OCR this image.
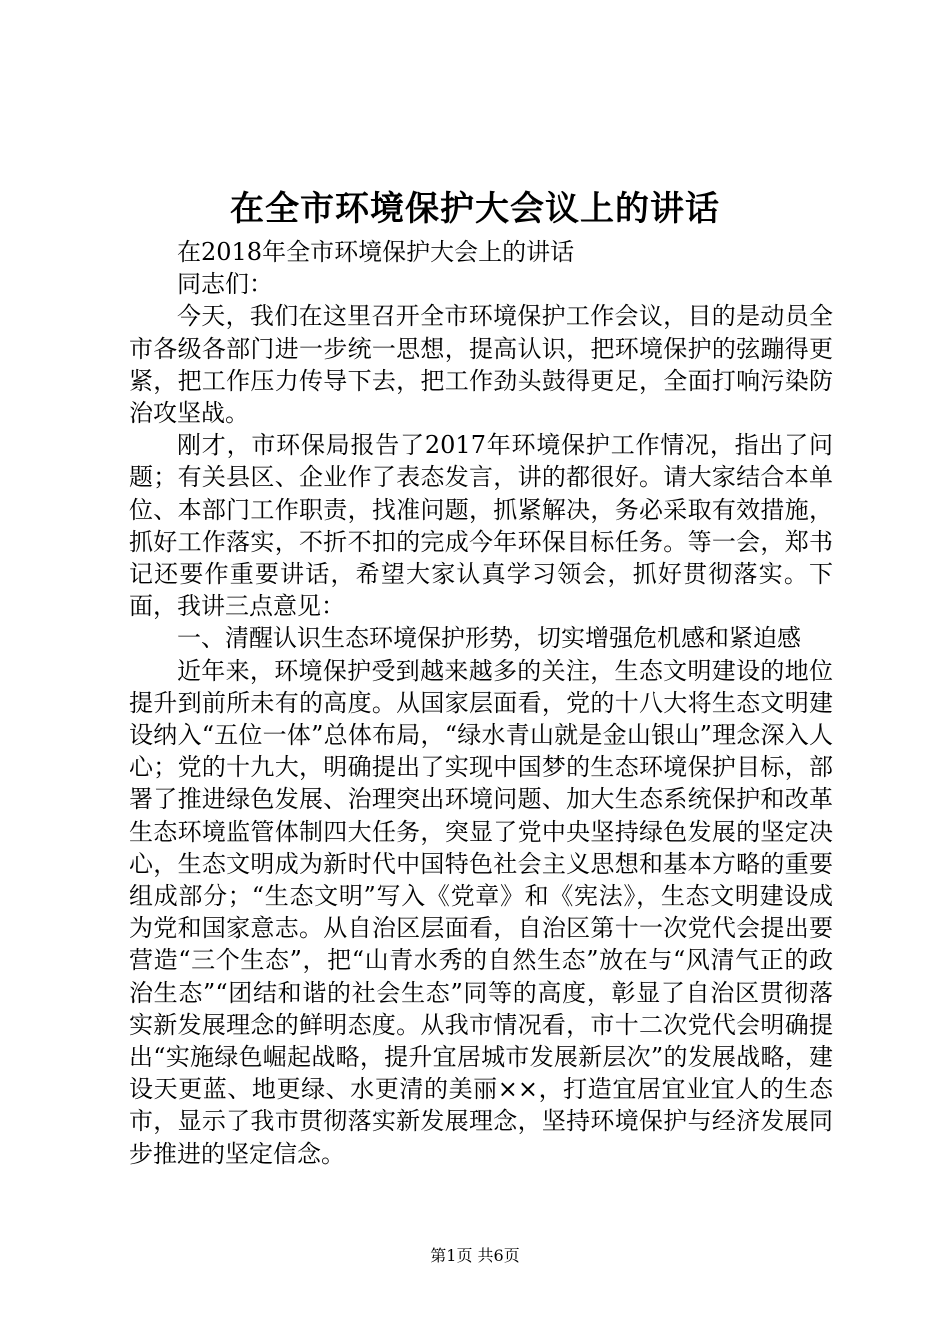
在全市环境保护大会议上的讲话

在2018年全市环境保护大会上的讲话

同志们：

今天，我们在这里召开全市环境保护工作会议，目的是动员全市各级各部门进一步统一思想，提高认识，把环境保护的弦蹦得更紧，把工作压力传导下去，把工作劲头鼓得更足，全面打响污染防治攻坚战。

刚才，市环保局报告了2017年环境保护工作情况，指出了问题；有关县区、企业作了表态发言，讲的都很好。请大家结合本单位、本部门工作职责，找准问题，抓紧解决，务必采取有效措施，抓好工作落实，不折不扣的完成今年环保目标任务。等一会，郑书记还要作重要讲话，希望大家认真学习领会，抓好贯彻落实。下面，我讲三点意见：

一、清醒认识生态环境保护形势，切实增强危机感和紧迫感

近年来，环境保护受到越来越多的关注，生态文明建设的地位提升到前所未有的高度。从国家层面看，党的十八大将生态文明建设纳入“五位一体”总体布局，“绿水青山就是金山银山”理念深入人心；党的十九大，明确提出了实现中国梦的生态环境保护目标，部署了推进绿色发展、治理突出环境问题、加大生态系统保护和改革生态环境监管体制四大任务，突显了党中央坚持绿色发展的坚定决心，生态文明成为新时代中国特色社会主义思想和基本方略的重要组成部分；“生态文明”写入《党章》和《宪法》，生态文明建设成为党和国家意志。从自治区层面看，自治区第十一次党代会提出要营造“三个生态”，把“山青水秀的自然生态”放在与“风清气正的政治生态”“团结和谐的社会生态”同等的高度，彰显了自治区贯彻落实新发展理念的鲜明态度。从我市情况看，市十二次党代会明确提出“实施绿色崛起战略，提升宜居城市发展新层次”的发展战略，建设天更蓝、地更绿、水更清的美丽××，打造宜居宜业宜人的生态市，显示了我市贯彻落实新发展理念，坚持环境保护与经济发展同步推进的坚定信念。

第1页 共6页
